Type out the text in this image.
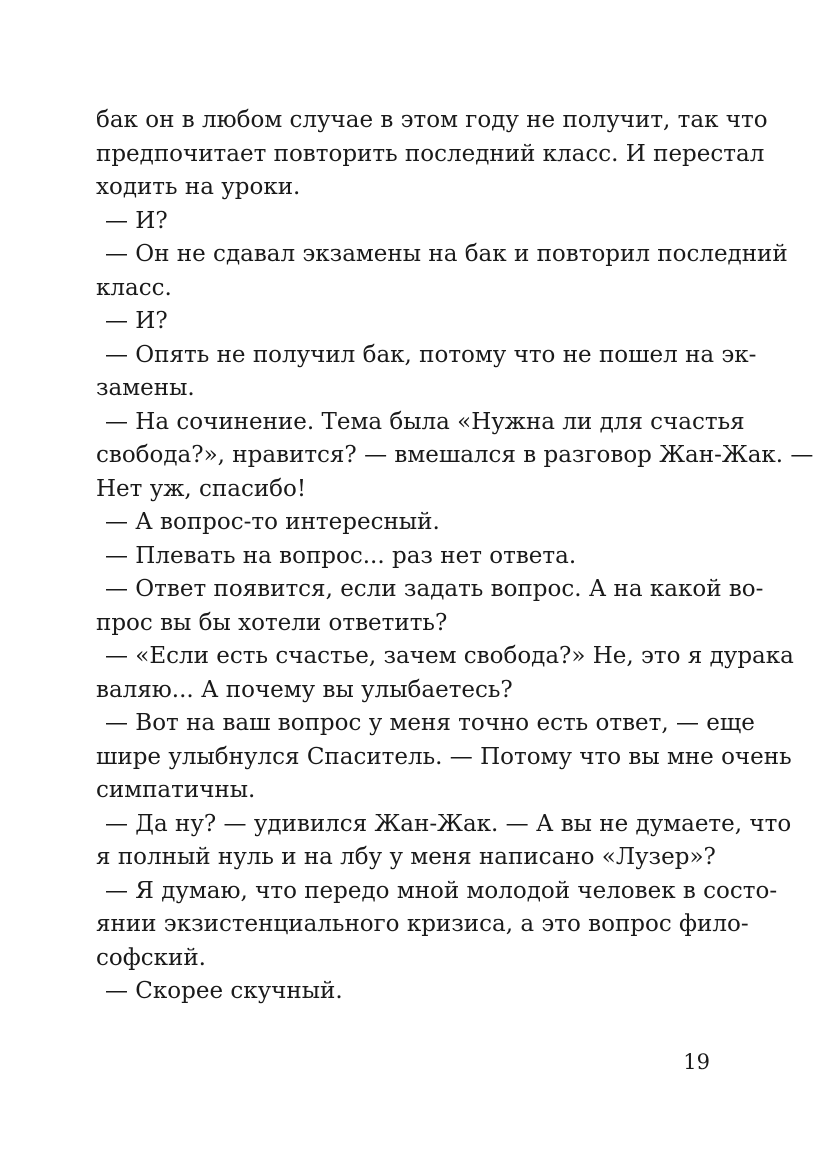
бак он в любом случае в этом году не получит, так что
предпочитает повторить последний класс. И перестал
ходить на уроки.
— И?
— Он не сдавал экзамены на бак и повторил последний
класс.
— И?
— Опять не получил бак, потому что не пошел на эк-
замены.
— На сочинение. Тема была «Нужна ли для счастья
свобода?», нравится? — вмешался в разговор Жан-Жак. —
Нет уж, спасибо!
— А вопрос-то интересный.
— Плевать на вопрос... раз нет ответа.
— Ответ появится, если задать вопрос. А на какой во-
прос вы бы хотели ответить?
— «Если есть счастье, зачем свобода?» Не, это я дурака
валяю... А почему вы улыбаетесь?
— Вот на ваш вопрос у меня точно есть ответ, — еще
шире улыбнулся Спаситель. — Потому что вы мне очень
симпатичны.
— Да ну? — удивился Жан-Жак. — А вы не думаете, что
я полный нуль и на лбу у меня написано «Лузер»?
— Я думаю, что передо мной молодой человек в состо-
янии экзистенциального кризиса, а это вопрос фило-
софский.
— Скорее скучный.
19
